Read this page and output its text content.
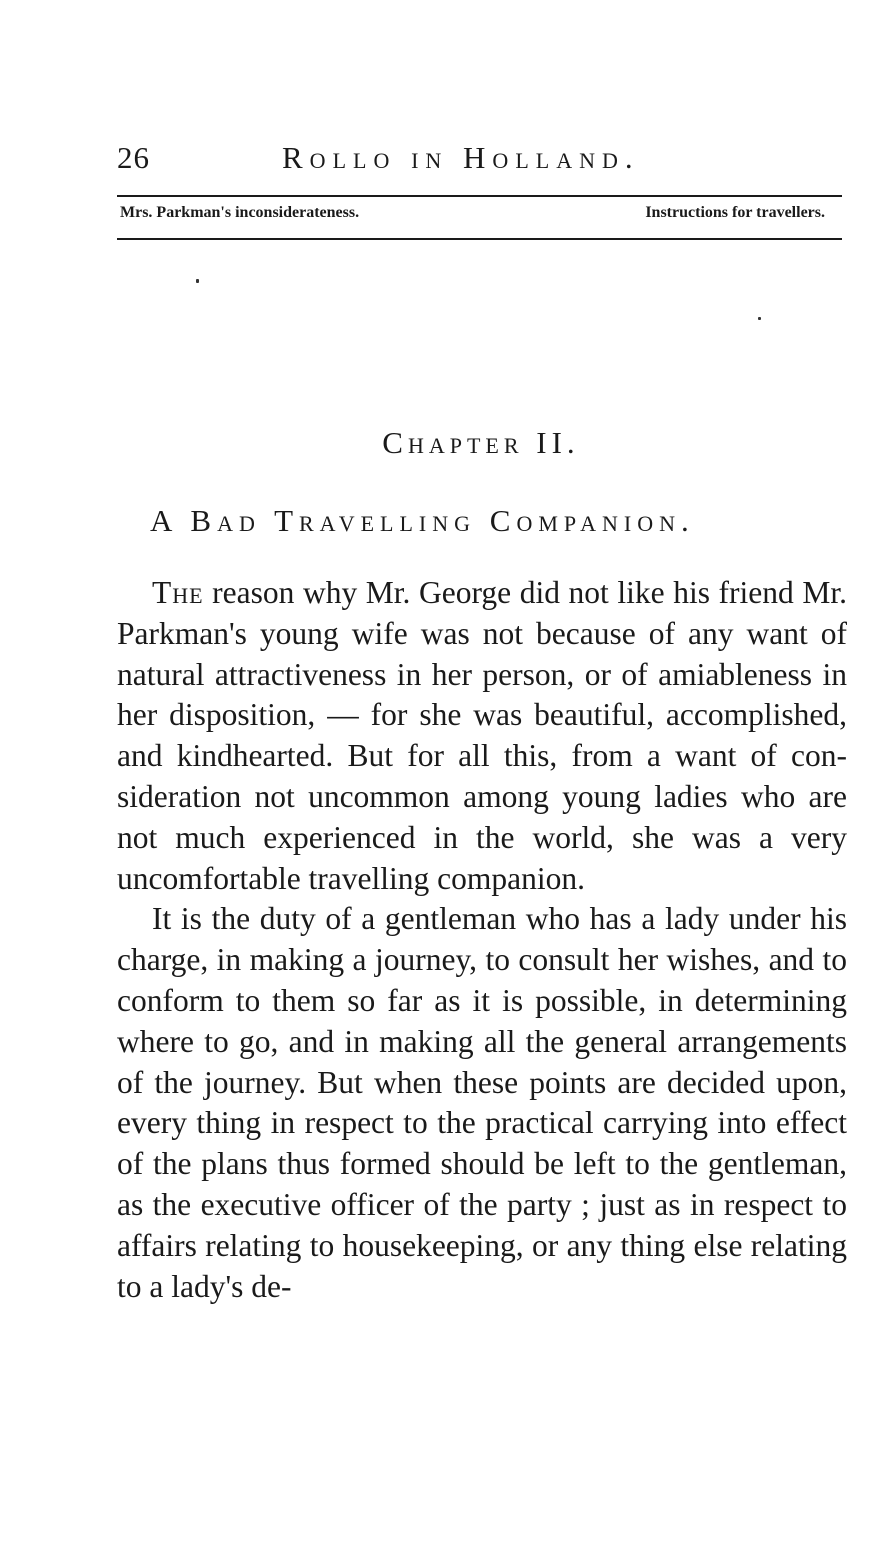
26	Rollo in Holland.
Mrs. Parkman's inconsiderateness.	Instructions for travellers.
Chapter II.
A Bad Travelling Companion.

The reason why Mr. George did not like his friend Mr. Parkman's young wife was not because of any want of natural attractiveness in her person, or of amiableness in her disposition, — for she was beautiful, accomplished, and kindhearted. But for all this, from a want of consideration not uncommon among young ladies who are not much experienced in the world, she was a very uncomfortable travelling companion.

It is the duty of a gentleman who has a lady under his charge, in making a journey, to consult her wishes, and to conform to them so far as it is possible, in determining where to go, and in making all the general arrangements of the journey. But when these points are decided upon, every thing in respect to the practical carrying into effect of the plans thus formed should be left to the gentleman, as the executive officer of the party ; just as in respect to affairs relating to housekeeping, or any thing else relating to a lady's de-
